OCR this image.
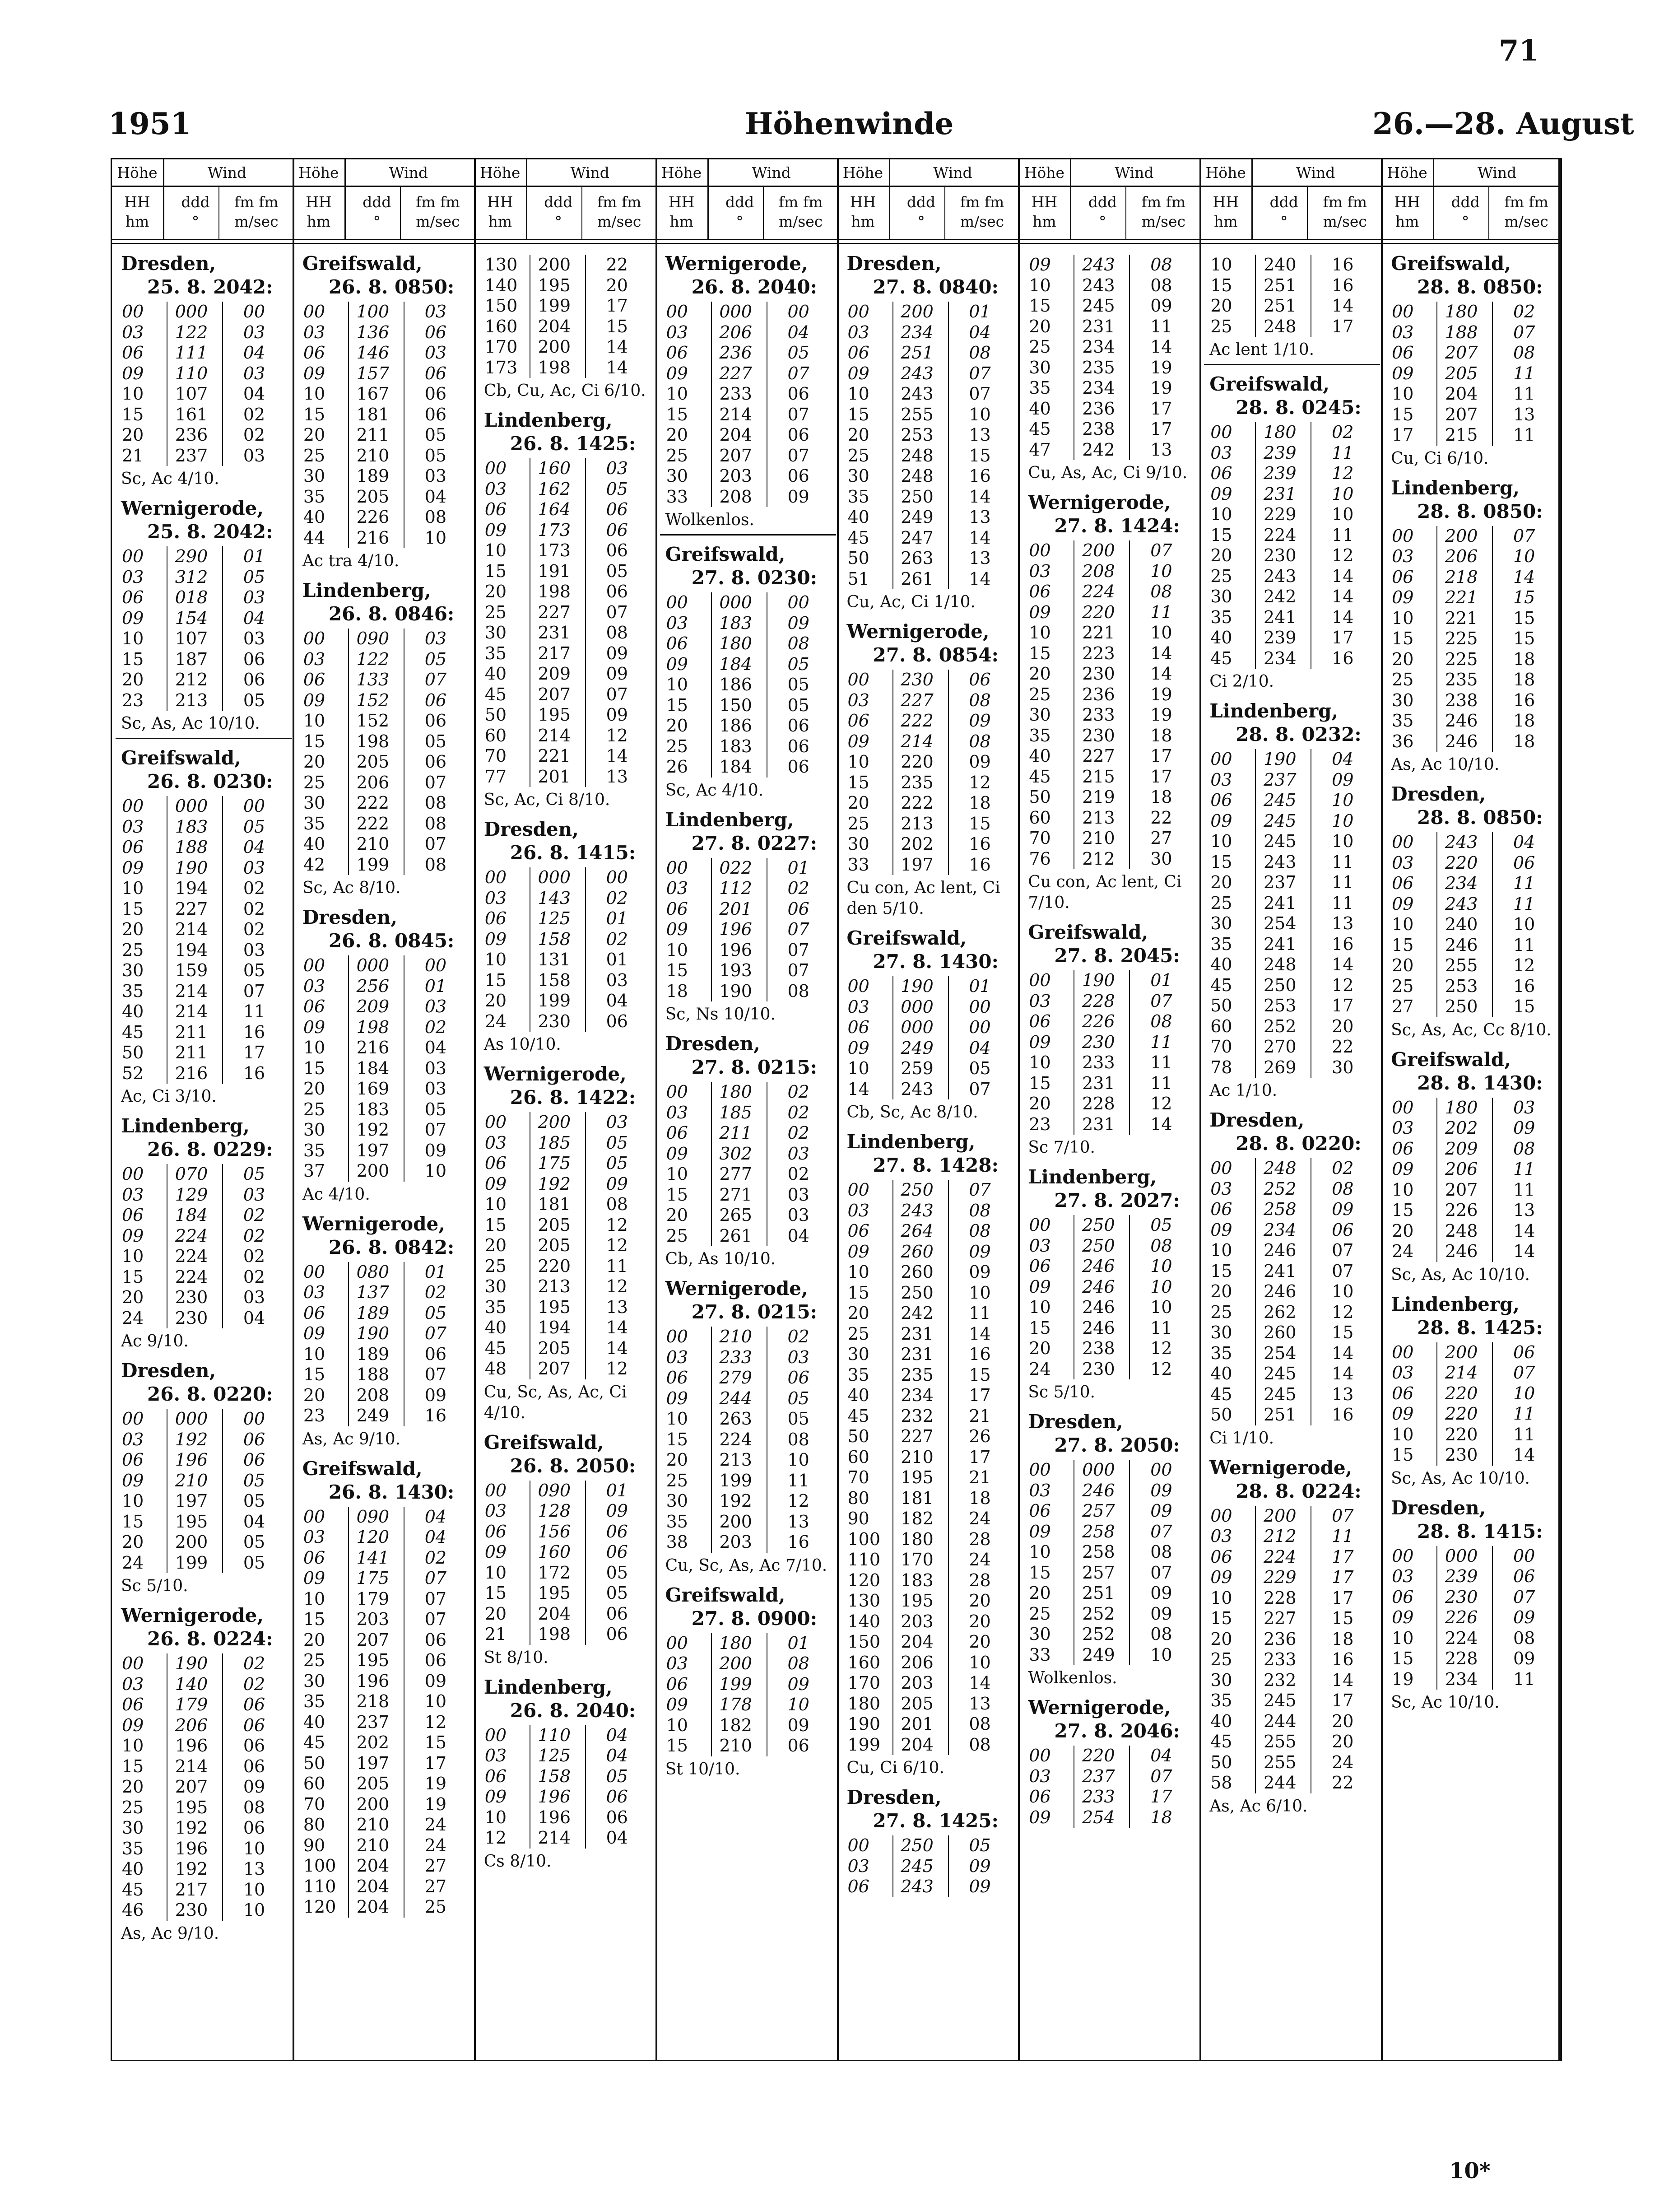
71
1951	Höhenwinde	26.—28. August
Höhe	Wind
HH
hm
ddd
°
fm fm
m/sec
Dresden,
25. 8. 2042:
00	000	00
03	122	03
06	111	04
09	110	03
10	107	04
15	161	02
20	236	02
21	237	03
Sc, Ac 4/10.
Wernigerode,
25. 8. 2042:
00	290	01
03	312	05
06	018	03
09	154	04
10	107	03
15	187	06
20	212	06
23	213	05
Sc, As, Ac 10/10.
Greifswald,
26. 8. 0230:
00	000	00
03	183	05
06	188	04
09	190	03
10	194	02
15	227	02
20	214	02
25	194	03
30	159	05
35	214	07
40	214	11
45	211	16
50	211	17
52	216	16
Ac, Ci 3/10.
Lindenberg,
26. 8. 0229:
00	070	05
03	129	03
06	184	02
09	224	02
10	224	02
15	224	02
20	230	03
24	230	04
Ac 9/10.
Dresden,
26. 8. 0220:
00	000	00
03	192	06
06	196	06
09	210	05
10	197	05
15	195	04
20	200	05
24	199	05
Sc 5/10.
Wernigerode,
26. 8. 0224:
00	190	02
03	140	02
06	179	06
09	206	06
10	196	06
15	214	06
20	207	09
25	195	08
30	192	06
35	196	10
40	192	13
45	217	10
46	230	10
As, Ac 9/10.
Höhe	Wind
HH
hm
ddd
°
fm fm
m/sec
Greifswald,
26. 8. 0850:
00	100	03
03	136	06
06	146	03
09	157	06
10	167	06
15	181	06
20	211	05
25	210	05
30	189	03
35	205	04
40	226	08
44	216	10
Ac tra 4/10.
Lindenberg,
26. 8. 0846:
00	090	03
03	122	05
06	133	07
09	152	06
10	152	06
15	198	05
20	205	06
25	206	07
30	222	08
35	222	08
40	210	07
42	199	08
Sc, Ac 8/10.
Dresden,
26. 8. 0845:
00	000	00
03	256	01
06	209	03
09	198	02
10	216	04
15	184	03
20	169	03
25	183	05
30	192	07
35	197	09
37	200	10
Ac 4/10.
Wernigerode,
26. 8. 0842:
00	080	01
03	137	02
06	189	05
09	190	07
10	189	06
15	188	07
20	208	09
23	249	16
As, Ac 9/10.
Greifswald,
26. 8. 1430:
00	090	04
03	120	04
06	141	02
09	175	07
10	179	07
15	203	07
20	207	06
25	195	06
30	196	09
35	218	10
40	237	12
45	202	15
50	197	17
60	205	19
70	200	19
80	210	24
90	210	24
100	204	27
110	204	27
120	204	25
Höhe	Wind
HH
hm
ddd
°
fm fm
m/sec
130	200	22
140	195	20
150	199	17
160	204	15
170	200	14
173	198	14
Cb, Cu, Ac, Ci 6/10.
Lindenberg,
26. 8. 1425:
00	160	03
03	162	05
06	164	06
09	173	06
10	173	06
15	191	05
20	198	06
25	227	07
30	231	08
35	217	09
40	209	09
45	207	07
50	195	09
60	214	12
70	221	14
77	201	13
Sc, Ac, Ci 8/10.
Dresden,
26. 8. 1415:
00	000	00
03	143	02
06	125	01
09	158	02
10	131	01
15	158	03
20	199	04
24	230	06
As 10/10.
Wernigerode,
26. 8. 1422:
00	200	03
03	185	05
06	175	05
09	192	09
10	181	08
15	205	12
20	205	12
25	220	11
30	213	12
35	195	13
40	194	14
45	205	14
48	207	12
Cu, Sc, As, Ac, Ci 4/10.
Greifswald,
26. 8. 2050:
00	090	01
03	128	09
06	156	06
09	160	06
10	172	05
15	195	05
20	204	06
21	198	06
St 8/10.
Lindenberg,
26. 8. 2040:
00	110	04
03	125	04
06	158	05
09	196	06
10	196	06
12	214	04
Cs 8/10.
Höhe	Wind
HH
hm
ddd
°
fm fm
m/sec
Wernigerode,
26. 8. 2040:
00	000	00
03	206	04
06	236	05
09	227	07
10	233	06
15	214	07
20	204	06
25	207	07
30	203	06
33	208	09
Wolkenlos.
Greifswald,
27. 8. 0230:
00	000	00
03	183	09
06	180	08
09	184	05
10	186	05
15	150	05
20	186	06
25	183	06
26	184	06
Sc, Ac 4/10.
Lindenberg,
27. 8. 0227:
00	022	01
03	112	02
06	201	06
09	196	07
10	196	07
15	193	07
18	190	08
Sc, Ns 10/10.
Dresden,
27. 8. 0215:
00	180	02
03	185	02
06	211	02
09	302	03
10	277	02
15	271	03
20	265	03
25	261	04
Cb, As 10/10.
Wernigerode,
27. 8. 0215:
00	210	02
03	233	03
06	279	06
09	244	05
10	263	05
15	224	08
20	213	10
25	199	11
30	192	12
35	200	13
38	203	16
Cu, Sc, As, Ac 7/10.
Greifswald,
27. 8. 0900:
00	180	01
03	200	08
06	199	09
09	178	10
10	182	09
15	210	06
St 10/10.
Höhe	Wind
HH
hm
ddd
°
fm fm
m/sec
Dresden,
27. 8. 0840:
00	200	01
03	234	04
06	251	08
09	243	07
10	243	07
15	255	10
20	253	13
25	248	15
30	248	16
35	250	14
40	249	13
45	247	14
50	263	13
51	261	14
Cu, Ac, Ci 1/10.
Wernigerode,
27. 8. 0854:
00	230	06
03	227	08
06	222	09
09	214	08
10	220	09
15	235	12
20	222	18
25	213	15
30	202	16
33	197	16
Cu con, Ac lent, Ci den 5/10.
Greifswald,
27. 8. 1430:
00	190	01
03	000	00
06	000	00
09	249	04
10	259	05
14	243	07
Cb, Sc, Ac 8/10.
Lindenberg,
27. 8. 1428:
00	250	07
03	243	08
06	264	08
09	260	09
10	260	09
15	250	10
20	242	11
25	231	14
30	231	16
35	235	15
40	234	17
45	232	21
50	227	26
60	210	17
70	195	21
80	181	18
90	182	24
100	180	28
110	170	24
120	183	28
130	195	20
140	203	20
150	204	20
160	206	10
170	203	14
180	205	13
190	201	08
199	204	08
Cu, Ci 6/10.
Dresden,
27. 8. 1425:
00	250	05
03	245	09
06	243	09
Höhe	Wind
HH
hm
ddd
°
fm fm
m/sec
09	243	08
10	243	08
15	245	09
20	231	11
25	234	14
30	235	19
35	234	19
40	236	17
45	238	17
47	242	13
Cu, As, Ac, Ci 9/10.
Wernigerode,
27. 8. 1424:
00	200	07
03	208	10
06	224	08
09	220	11
10	221	10
15	223	14
20	230	14
25	236	19
30	233	19
35	230	18
40	227	17
45	215	17
50	219	18
60	213	22
70	210	27
76	212	30
Cu con, Ac lent, Ci 7/10.
Greifswald,
27. 8. 2045:
00	190	01
03	228	07
06	226	08
09	230	11
10	233	11
15	231	11
20	228	12
23	231	14
Sc 7/10.
Lindenberg,
27. 8. 2027:
00	250	05
03	250	08
06	246	10
09	246	10
10	246	10
15	246	11
20	238	12
24	230	12
Sc 5/10.
Dresden,
27. 8. 2050:
00	000	00
03	246	09
06	257	09
09	258	07
10	258	08
15	257	07
20	251	09
25	252	09
30	252	08
33	249	10
Wolkenlos.
Wernigerode,
27. 8. 2046:
00	220	04
03	237	07
06	233	17
09	254	18
Höhe	Wind
HH
hm
ddd
°
fm fm
m/sec
10	240	16
15	251	16
20	251	14
25	248	17
Ac lent 1/10.
Greifswald,
28. 8. 0245:
00	180	02
03	239	11
06	239	12
09	231	10
10	229	10
15	224	11
20	230	12
25	243	14
30	242	14
35	241	14
40	239	17
45	234	16
Ci 2/10.
Lindenberg,
28. 8. 0232:
00	190	04
03	237	09
06	245	10
09	245	10
10	245	10
15	243	11
20	237	11
25	241	11
30	254	13
35	241	16
40	248	14
45	250	12
50	253	17
60	252	20
70	270	22
78	269	30
Ac 1/10.
Dresden,
28. 8. 0220:
00	248	02
03	252	08
06	258	09
09	234	06
10	246	07
15	241	07
20	246	10
25	262	12
30	260	15
35	254	14
40	245	14
45	245	13
50	251	16
Ci 1/10.
Wernigerode,
28. 8. 0224:
00	200	07
03	212	11
06	224	17
09	229	17
10	228	17
15	227	15
20	236	18
25	233	16
30	232	14
35	245	17
40	244	20
45	255	20
50	255	24
58	244	22
As, Ac 6/10.
Höhe	Wind
HH
hm
ddd
°
fm fm
m/sec
Greifswald,
28. 8. 0850:
00	180	02
03	188	07
06	207	08
09	205	11
10	204	11
15	207	13
17	215	11
Cu, Ci 6/10.
Lindenberg,
28. 8. 0850:
00	200	07
03	206	10
06	218	14
09	221	15
10	221	15
15	225	15
20	225	18
25	235	18
30	238	16
35	246	18
36	246	18
As, Ac 10/10.
Dresden,
28. 8. 0850:
00	243	04
03	220	06
06	234	11
09	243	11
10	240	10
15	246	11
20	255	12
25	253	16
27	250	15
Sc, As, Ac, Cc 8/10.
Greifswald,
28. 8. 1430:
00	180	03
03	202	09
06	209	08
09	206	11
10	207	11
15	226	13
20	248	14
24	246	14
Sc, As, Ac 10/10.
Lindenberg,
28. 8. 1425:
00	200	06
03	214	07
06	220	10
09	220	11
10	220	11
15	230	14
Sc, As, Ac 10/10.
Dresden,
28. 8. 1415:
00	000	00
03	239	06
06	230	07
09	226	09
10	224	08
15	228	09
19	234	11
Sc, Ac 10/10.
10*
